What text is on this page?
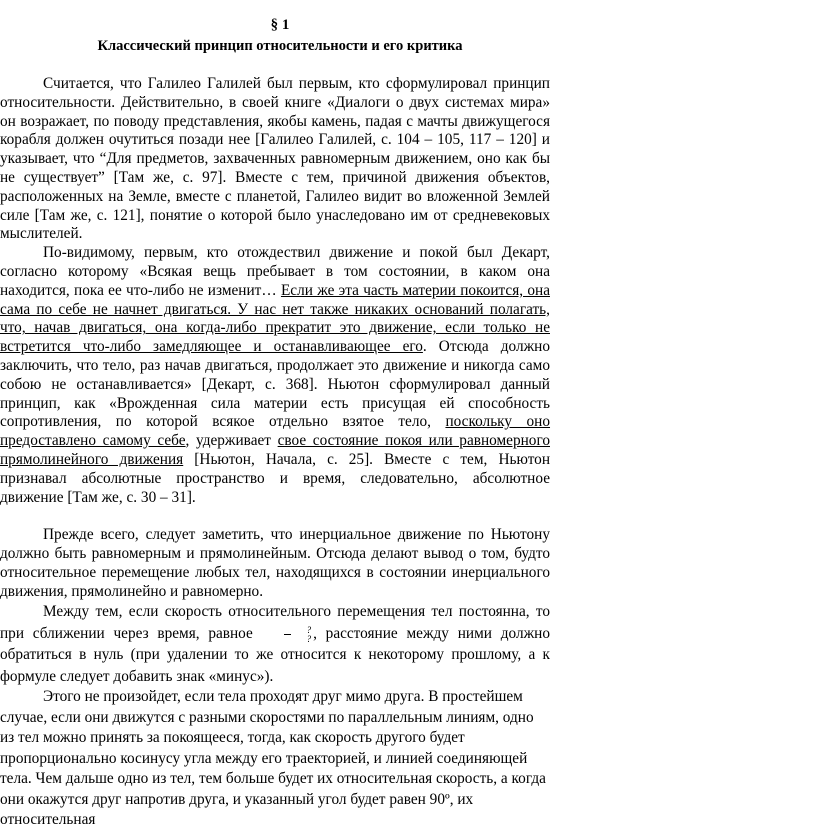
§ 1
Классический принцип относительности и его критика

Считается, что Галилео Галилей был первым, кто сформулировал принцип относительности. Действительно, в своей книге «Диалоги о двух системах мира» он возражает, по поводу представления, якобы камень, падая с мачты движущегося корабля должен очутиться позади нее [Галилео Галилей, с. 104 – 105, 117 – 120] и указывает, что “Для предметов, захваченных равномерным движением, оно как бы не существует” [Там же, с. 97]. Вместе с тем, причиной движения объектов, расположенных на Земле, вместе с планетой, Галилео видит во вложенной Землей силе [Там же, с. 121], понятие о которой было унаследовано им от средневековых мыслителей.

По-видимому, первым, кто отождествил движение и покой был Декарт, согласно которому «Всякая вещь пребывает в том состоянии, в каком она находится, пока ее что-либо не изменит… Если же эта часть материи покоится, она сама по себе не начнет двигаться. У нас нет также никаких оснований полагать, что, начав двигаться, она когда-либо прекратит это движение, если только не встретится что-либо замедляющее и останавливающее его. Отсюда должно заключить, что тело, раз начав двигаться, продолжает это движение и никогда само собою не останавливается» [Декарт, с. 368]. Ньютон сформулировал данный принцип, как «Врожденная сила материи есть присущая ей способность сопротивления, по которой всякое отдельно взятое тело, поскольку оно предоставлено самому себе, удерживает свое состояние покоя или равномерного прямолинейного движения [Ньютон, Начала, с. 25]. Вместе с тем, Ньютон признавал абсолютные пространство и время, следовательно, абсолютное движение [Там же, с. 30 – 31].

Прежде всего, следует заметить, что инерциальное движение по Ньютону должно быть равномерным и прямолинейным. Отсюда делают вывод о том, будто относительное перемещение любых тел, находящихся в состоянии инерциального движения, прямолинейно и равномерно.

Между тем, если скорость относительного перемещения тел постоянна, то при сближении через время, равное $\frac{?}{?}$ , расстояние между ними должно обратиться в нуль (при удалении то же относится к некоторому прошлому, а к формуле следует добавить знак «минус»).

Этого не произойдет, если тела проходят друг мимо друга. В простейшем случае, если они движутся с разными скоростями по параллельным линиям, одно из тел можно принять за покоящееся, тогда, как скорость другого будет пропорционально косинусу угла между его траекторией, и линией соединяющей тела. Чем дальше одно из тел, тем больше будет их относительная скорость, а когда они окажутся друг напротив друга, и указанный угол будет равен 90º, их относительная
